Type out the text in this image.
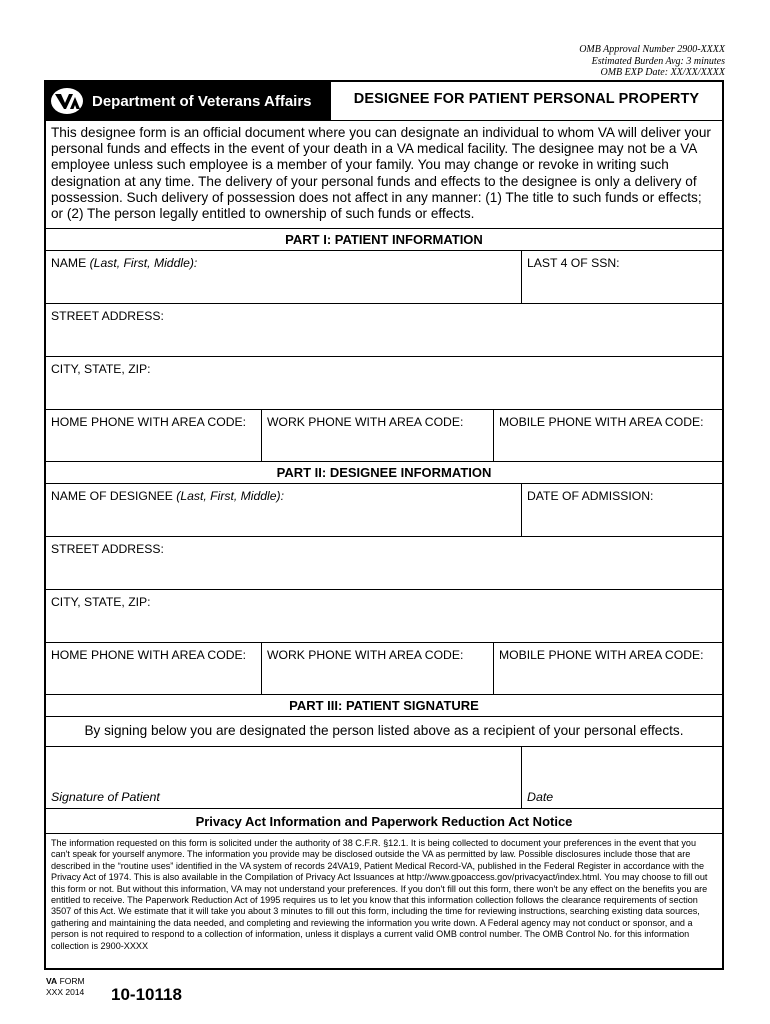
OMB Approval Number 2900-XXXX
Estimated Burden Avg: 3 minutes
OMB EXP Date: XX/XX/XXXX
Department of Veterans Affairs	DESIGNEE FOR PATIENT PERSONAL PROPERTY
This designee form is an official document where you can designate an individual to whom VA will deliver your personal funds and effects in the event of your death in a VA medical facility. The designee may not be a VA employee unless such employee is a member of your family. You may change or revoke in writing such designation at any time. The delivery of your personal funds and effects to the designee is only a delivery of possession. Such delivery of possession does not affect in any manner: (1) The title to such funds or effects; or (2) The person legally entitled to ownership of such funds or effects.
PART I: PATIENT INFORMATION
NAME (Last, First, Middle):	LAST 4 OF SSN:
STREET ADDRESS:
CITY, STATE, ZIP:
HOME PHONE WITH AREA CODE:	WORK PHONE WITH AREA CODE:	MOBILE PHONE WITH AREA CODE:
PART II: DESIGNEE INFORMATION
NAME OF DESIGNEE (Last, First, Middle):	DATE OF ADMISSION:
STREET ADDRESS:
CITY, STATE, ZIP:
HOME PHONE WITH AREA CODE:	WORK PHONE WITH AREA CODE:	MOBILE PHONE WITH AREA CODE:
PART III: PATIENT SIGNATURE
By signing below you are designated the person listed above as a recipient of your personal effects.
Signature of Patient	Date
Privacy Act Information and Paperwork Reduction Act Notice
The information requested on this form is solicited under the authority of 38 C.F.R. §12.1. It is being collected to document your preferences in the event that you can't speak for yourself anymore. The information you provide may be disclosed outside the VA as permitted by law. Possible disclosures include those that are described in the “routine uses” identified in the VA system of records 24VA19, Patient Medical Record-VA, published in the Federal Register in accordance with the Privacy Act of 1974. This is also available in the Compilation of Privacy Act Issuances at http://www.gpoaccess.gov/privacyact/index.html. You may choose to fill out this form or not. But without this information, VA may not understand your preferences. If you don't fill out this form, there won't be any effect on the benefits you are entitled to receive. The Paperwork Reduction Act of 1995 requires us to let you know that this information collection follows the clearance requirements of section 3507 of this Act. We estimate that it will take you about 3 minutes to fill out this form, including the time for reviewing instructions, searching existing data sources, gathering and maintaining the data needed, and completing and reviewing the information you write down. A Federal agency may not conduct or sponsor, and a person is not required to respond to a collection of information, unless it displays a current valid OMB control number. The OMB Control No. for this information collection is 2900-XXXX
VA FORM
XXX 2014 10-10118
